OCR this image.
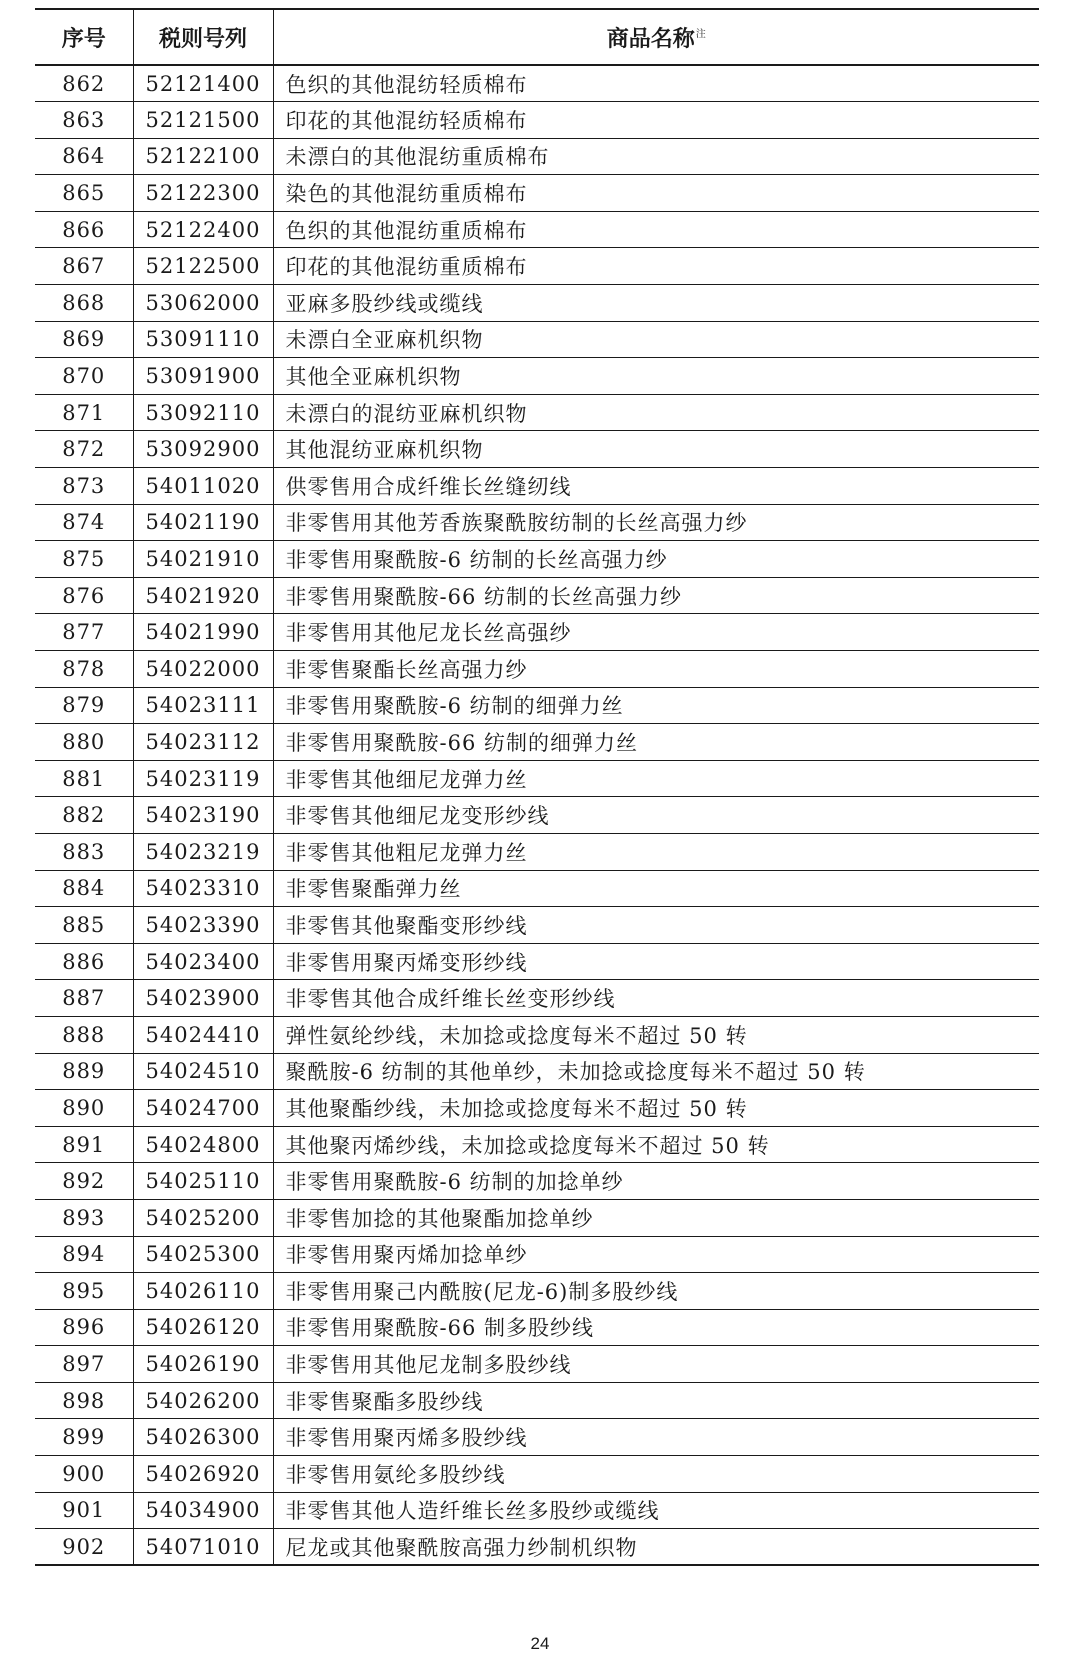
序号	税则号列	商品名称$^注$
862	52121400	色织的其他混纺轻质棉布
863	52121500	印花的其他混纺轻质棉布
864	52122100	未漂白的其他混纺重质棉布
865	52122300	染色的其他混纺重质棉布
866	52122400	色织的其他混纺重质棉布
867	52122500	印花的其他混纺重质棉布
868	53062000	亚麻多股纱线或缆线
869	53091110	未漂白全亚麻机织物
870	53091900	其他全亚麻机织物
871	53092110	未漂白的混纺亚麻机织物
872	53092900	其他混纺亚麻机织物
873	54011020	供零售用合成纤维长丝缝纫线
874	54021190	非零售用其他芳香族聚酰胺纺制的长丝高强力纱
875	54021910	非零售用聚酰胺-6 纺制的长丝高强力纱
876	54021920	非零售用聚酰胺-66 纺制的长丝高强力纱
877	54021990	非零售用其他尼龙长丝高强纱
878	54022000	非零售聚酯长丝高强力纱
879	54023111	非零售用聚酰胺-6 纺制的细弹力丝
880	54023112	非零售用聚酰胺-66 纺制的细弹力丝
881	54023119	非零售其他细尼龙弹力丝
882	54023190	非零售其他细尼龙变形纱线
883	54023219	非零售其他粗尼龙弹力丝
884	54023310	非零售聚酯弹力丝
885	54023390	非零售其他聚酯变形纱线
886	54023400	非零售用聚丙烯变形纱线
887	54023900	非零售其他合成纤维长丝变形纱线
888	54024410	弹性氨纶纱线，未加捻或捻度每米不超过 50 转
889	54024510	聚酰胺-6 纺制的其他单纱，未加捻或捻度每米不超过 50 转
890	54024700	其他聚酯纱线，未加捻或捻度每米不超过 50 转
891	54024800	其他聚丙烯纱线，未加捻或捻度每米不超过 50 转
892	54025110	非零售用聚酰胺-6 纺制的加捻单纱
893	54025200	非零售加捻的其他聚酯加捻单纱
894	54025300	非零售用聚丙烯加捻单纱
895	54026110	非零售用聚己内酰胺(尼龙-6)制多股纱线
896	54026120	非零售用聚酰胺-66 制多股纱线
897	54026190	非零售用其他尼龙制多股纱线
898	54026200	非零售聚酯多股纱线
899	54026300	非零售用聚丙烯多股纱线
900	54026920	非零售用氨纶多股纱线
901	54034900	非零售其他人造纤维长丝多股纱或缆线
902	54071010	尼龙或其他聚酰胺高强力纱制机织物
24
